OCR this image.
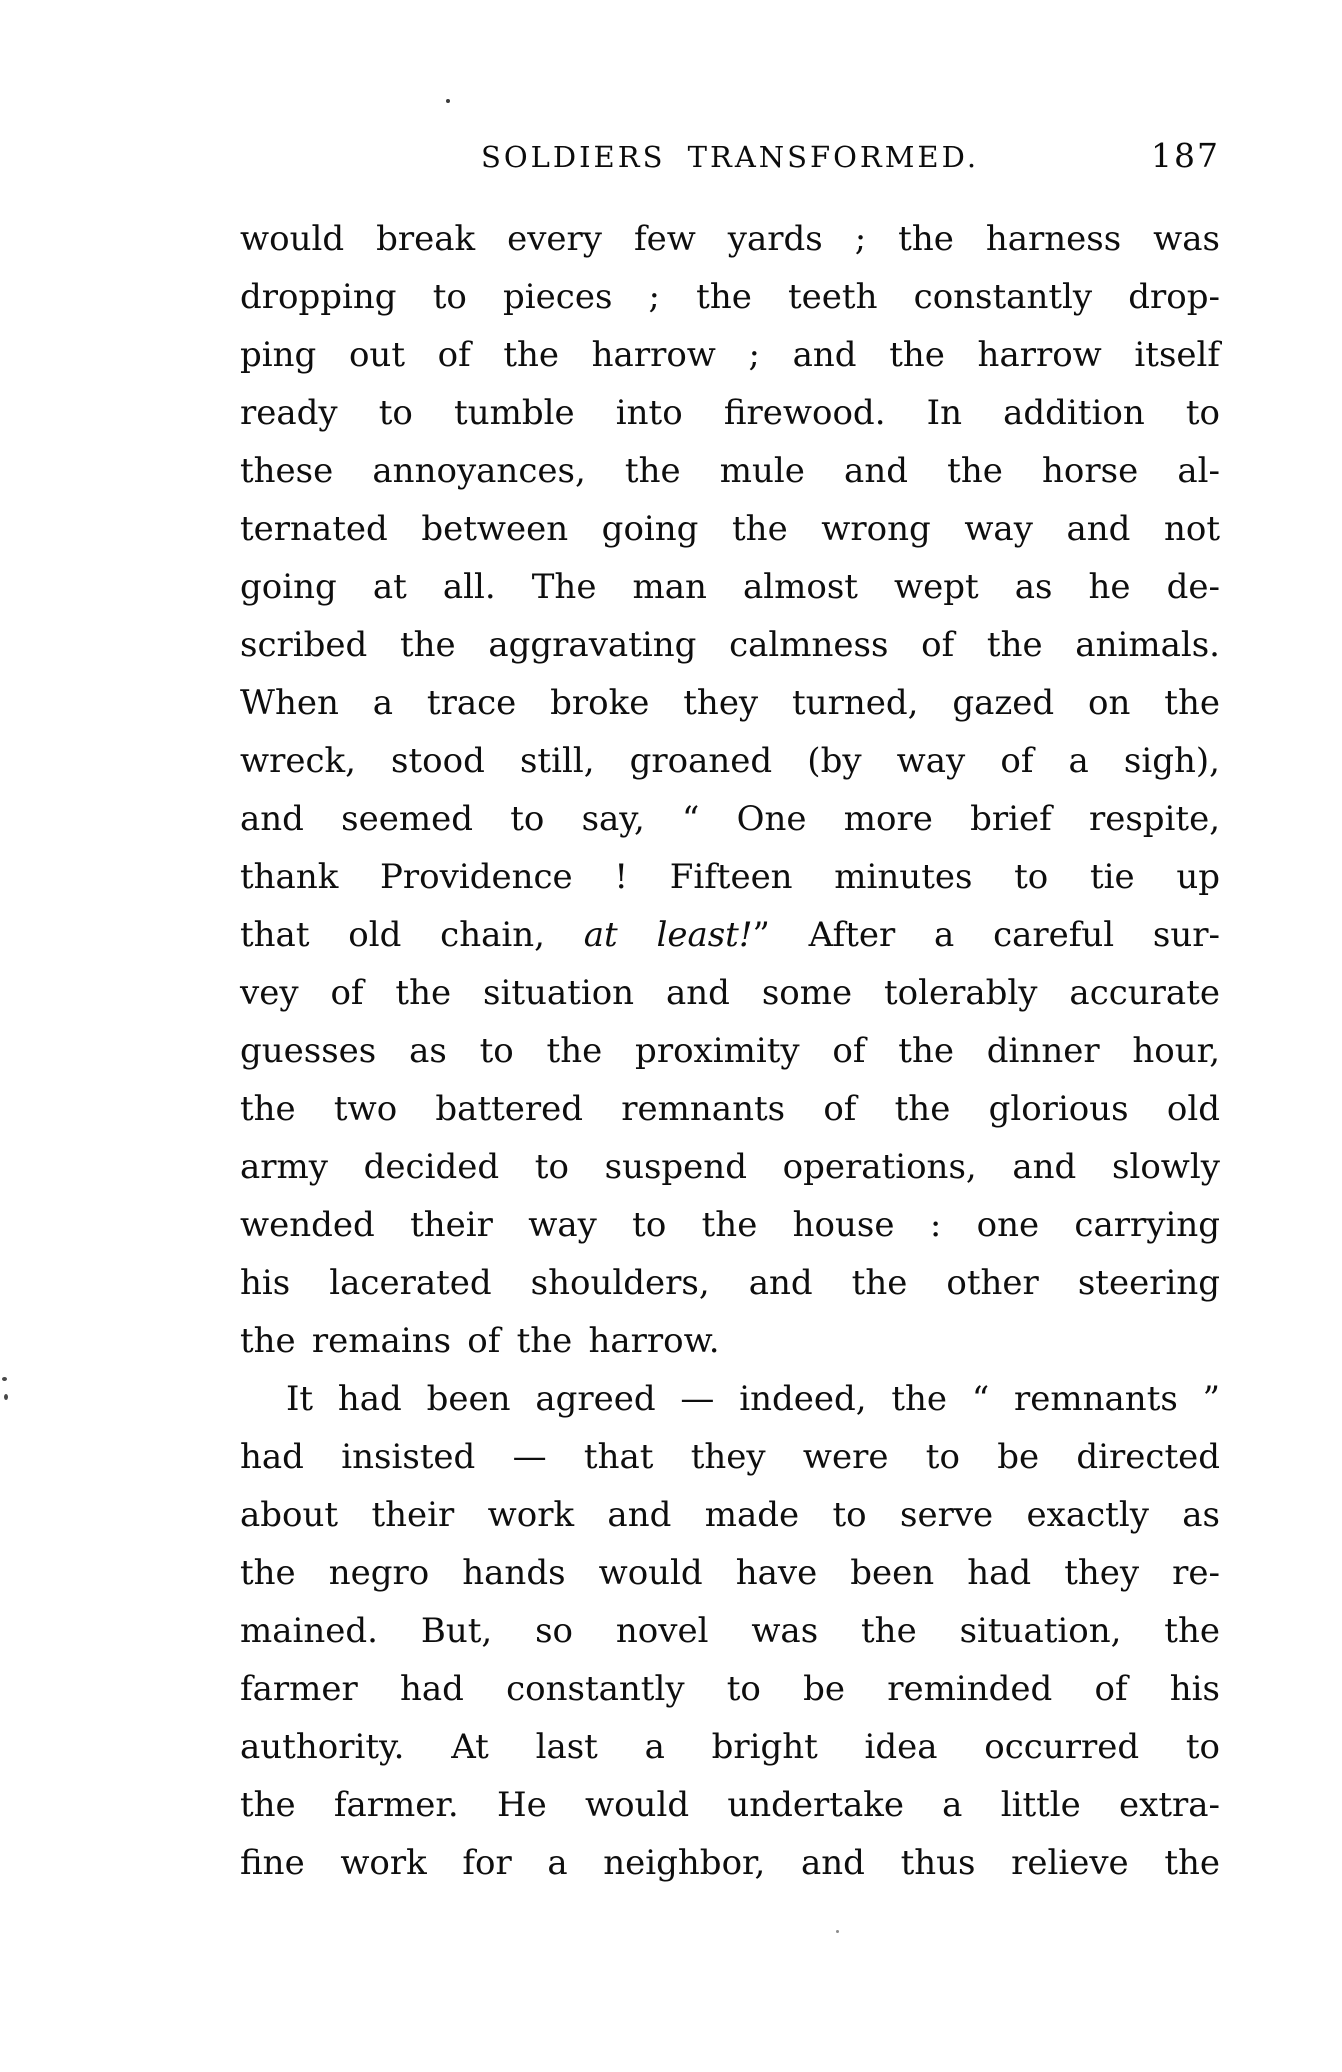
SOLDIERS TRANSFORMED.	187
would break every few yards ; the harness was
dropping to pieces ; the teeth constantly drop-
ping out of the harrow ; and the harrow itself
ready to tumble into firewood. In addition to
these annoyances, the mule and the horse al-
ternated between going the wrong way and not
going at all. The man almost wept as he de-
scribed the aggravating calmness of the animals.
When a trace broke they turned, gazed on the
wreck, stood still, groaned (by way of a sigh),
and seemed to say, “ One more brief respite,
thank Providence ! Fifteen minutes to tie up
that old chain, at least!” After a careful sur-
vey of the situation and some tolerably accurate
guesses as to the proximity of the dinner hour,
the two battered remnants of the glorious old
army decided to suspend operations, and slowly
wended their way to the house : one carrying
his lacerated shoulders, and the other steering
the remains of the harrow.
It had been agreed — indeed, the “ remnants ”
had insisted — that they were to be directed
about their work and made to serve exactly as
the negro hands would have been had they re-
mained. But, so novel was the situation, the
farmer had constantly to be reminded of his
authority. At last a bright idea occurred to
the farmer. He would undertake a little extra-
fine work for a neighbor, and thus relieve the
